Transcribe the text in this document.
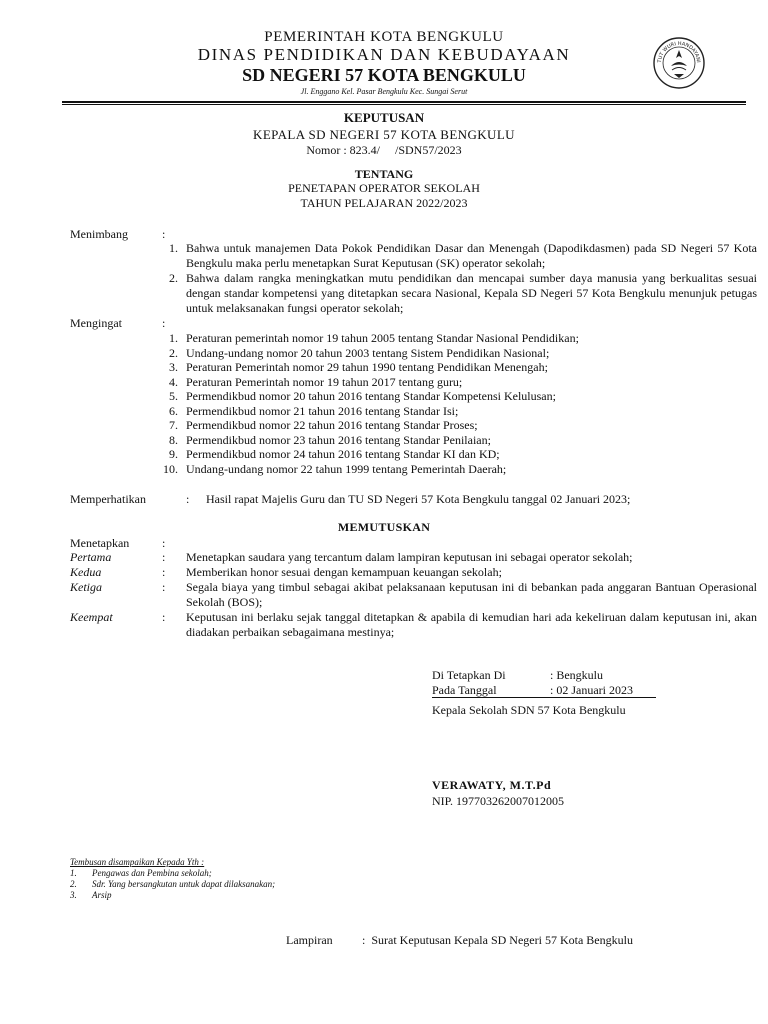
PEMERINTAH KOTA BENGKULU
DINAS PENDIDIKAN DAN KEBUDAYAAN
SD NEGERI 57 KOTA BENGKULU
Jl. Enggano Kel. Pasar Bengkulu Kec. Sungai Serut
TUT WURI HANDAYANI
KEPUTUSAN
KEPALA SD NEGERI 57 KOTA BENGKULU
Nomor : 823.4/     /SDN57/2023
TENTANG
PENETAPAN OPERATOR SEKOLAH
TAHUN PELAJARAN 2022/2023
Menimbang	:
1. Bahwa untuk manajemen Data Pokok Pendidikan Dasar dan Menengah (Dapodikdasmen) pada SD Negeri 57 Kota Bengkulu maka perlu menetapkan Surat Keputusan (SK) operator sekolah;
2. Bahwa dalam rangka meningkatkan mutu pendidikan dan mencapai sumber daya manusia yang berkualitas sesuai dengan standar kompetensi yang ditetapkan secara Nasional, Kepala SD Negeri 57 Kota Bengkulu menunjuk petugas untuk melaksanakan fungsi operator sekolah;
Mengingat	:
1. Peraturan pemerintah nomor 19 tahun 2005 tentang Standar Nasional Pendidikan;
2. Undang-undang nomor 20 tahun 2003 tentang Sistem Pendidikan Nasional;
3. Peraturan Pemerintah nomor 29 tahun 1990 tentang Pendidikan Menengah;
4. Peraturan Pemerintah nomor 19 tahun 2017 tentang guru;
5. Permendikbud nomor 20 tahun 2016 tentang Standar Kompetensi Kelulusan;
6. Permendikbud nomor 21 tahun 2016 tentang Standar Isi;
7. Permendikbud nomor 22 tahun 2016 tentang Standar Proses;
8. Permendikbud nomor 23 tahun 2016 tentang Standar Penilaian;
9. Permendikbud nomor 24 tahun 2016 tentang Standar KI dan KD;
10. Undang-undang nomor 22 tahun 1999 tentang Pemerintah Daerah;
Memperhatikan	: Hasil rapat Majelis Guru dan TU SD Negeri 57 Kota Bengkulu tanggal 02 Januari 2023;
MEMUTUSKAN
Menetapkan	:
Pertama	: Menetapkan saudara yang tercantum dalam lampiran keputusan ini sebagai operator sekolah;
Kedua	: Memberikan honor sesuai dengan kemampuan keuangan sekolah;
Ketiga	: Segala biaya yang timbul sebagai akibat pelaksanaan keputusan ini di bebankan pada anggaran Bantuan Operasional Sekolah (BOS);
Keempat	: Keputusan ini berlaku sejak tanggal ditetapkan & apabila di kemudian hari ada kekeliruan dalam keputusan ini, akan diadakan perbaikan sebagaimana mestinya;
Di Tetapkan Di	: Bengkulu
Pada Tanggal	: 02 Januari 2023
Kepala Sekolah SDN 57 Kota Bengkulu
VERAWATY, M.T.Pd
NIP. 197703262007012005
Tembusan disampaikan Kepada Yth :
1. Pengawas dan Pembina sekolah;
2. Sdr. Yang bersangkutan untuk dapat dilaksanakan;
3. Arsip
Lampiran :  Surat Keputusan Kepala SD Negeri 57 Kota Bengkulu
